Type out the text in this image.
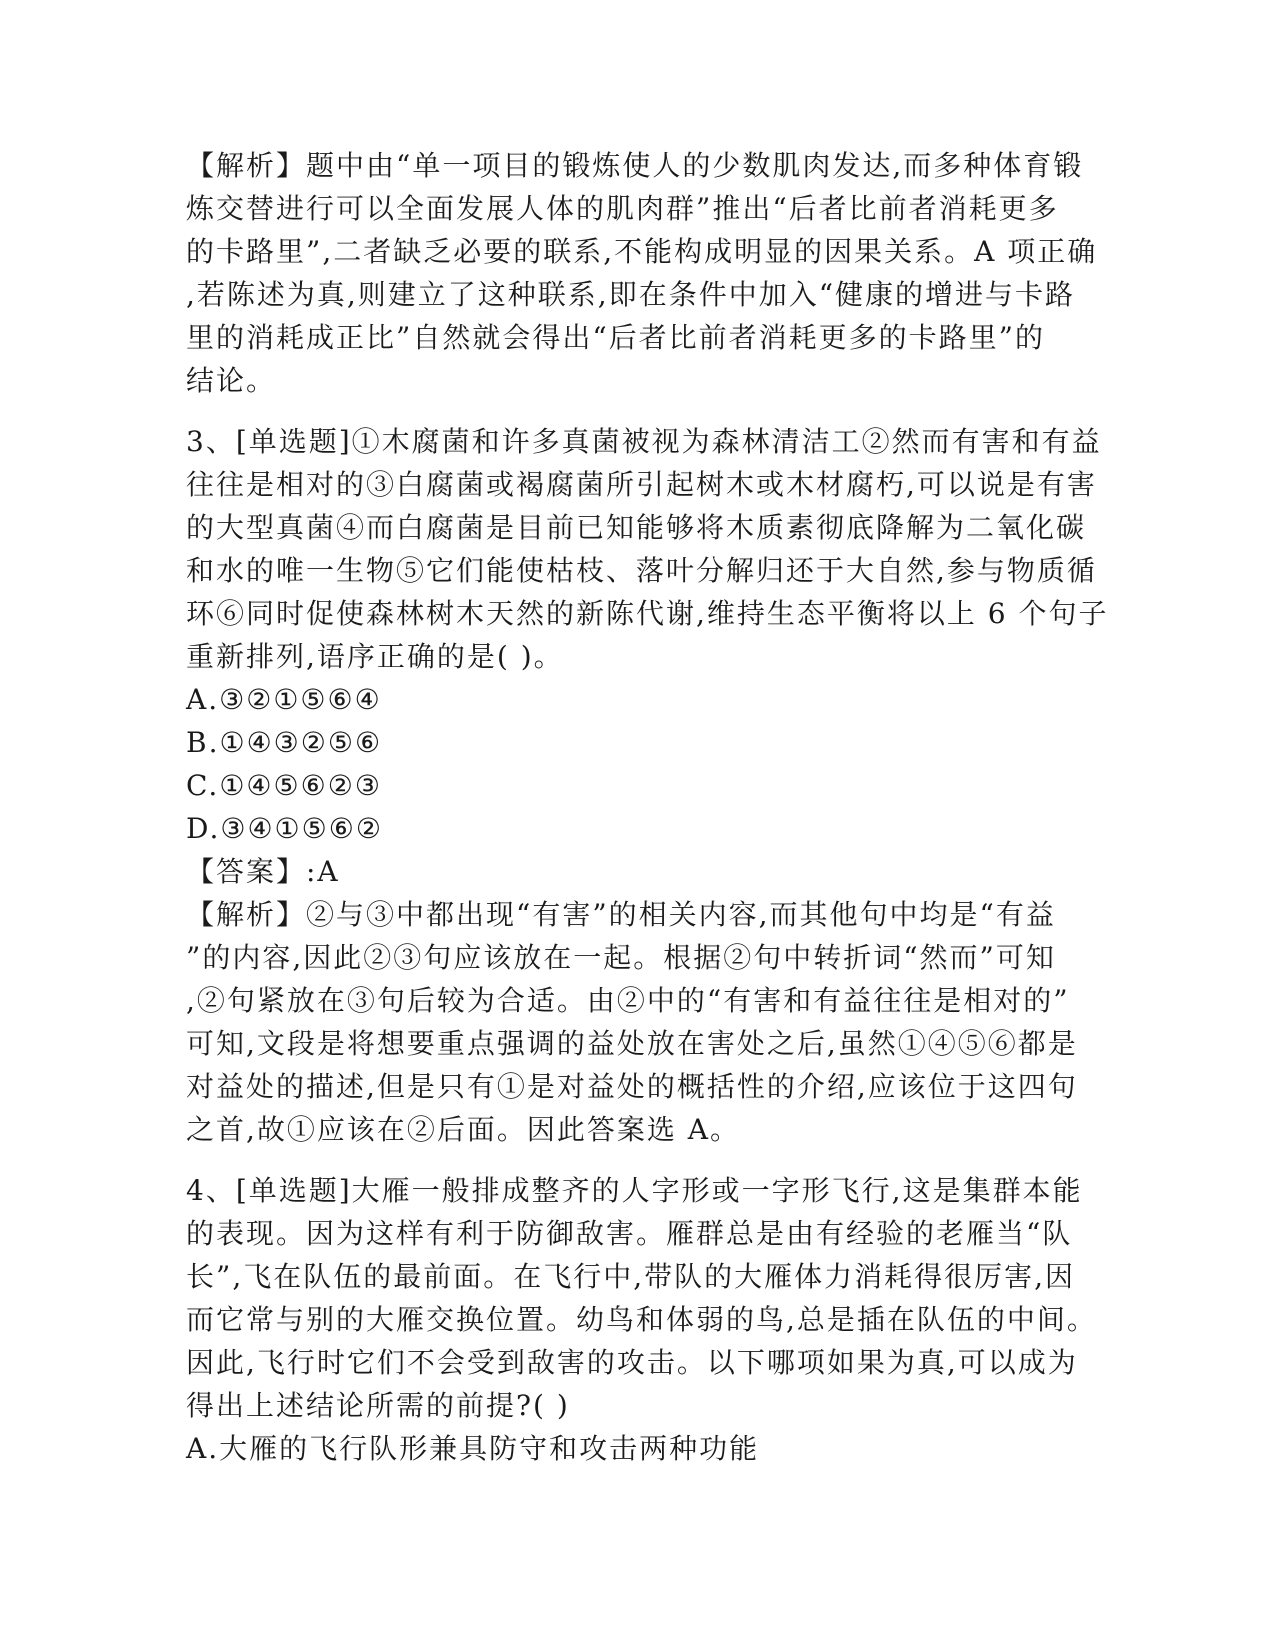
【解析】题中由“单一项目的锻炼使人的少数肌肉发达,而多种体育锻
炼交替进行可以全面发展人体的肌肉群”推出“后者比前者消耗更多
的卡路里”,二者缺乏必要的联系,不能构成明显的因果关系。A 项正确
,若陈述为真,则建立了这种联系,即在条件中加入“健康的增进与卡路
里的消耗成正比”自然就会得出“后者比前者消耗更多的卡路里”的
结论。
3、[单选题]①木腐菌和许多真菌被视为森林清洁工②然而有害和有益
往往是相对的③白腐菌或褐腐菌所引起树木或木材腐朽,可以说是有害
的大型真菌④而白腐菌是目前已知能够将木质素彻底降解为二氧化碳
和水的唯一生物⑤它们能使枯枝、落叶分解归还于大自然,参与物质循
环⑥同时促使森林树木天然的新陈代谢,维持生态平衡将以上 6 个句子
重新排列,语序正确的是( )。
A.③②①⑤⑥④
B.①④③②⑤⑥
C.①④⑤⑥②③
D.③④①⑤⑥②
【答案】:A
【解析】②与③中都出现“有害”的相关内容,而其他句中均是“有益
”的内容,因此②③句应该放在一起。根据②句中转折词“然而”可知
,②句紧放在③句后较为合适。由②中的“有害和有益往往是相对的”
可知,文段是将想要重点强调的益处放在害处之后,虽然①④⑤⑥都是
对益处的描述,但是只有①是对益处的概括性的介绍,应该位于这四句
之首,故①应该在②后面。因此答案选 A。
4、[单选题]大雁一般排成整齐的人字形或一字形飞行,这是集群本能
的表现。因为这样有利于防御敌害。雁群总是由有经验的老雁当“队
长”,飞在队伍的最前面。在飞行中,带队的大雁体力消耗得很厉害,因
而它常与别的大雁交换位置。幼鸟和体弱的鸟,总是插在队伍的中间。
因此,飞行时它们不会受到敌害的攻击。以下哪项如果为真,可以成为
得出上述结论所需的前提?( )
A.大雁的飞行队形兼具防守和攻击两种功能
